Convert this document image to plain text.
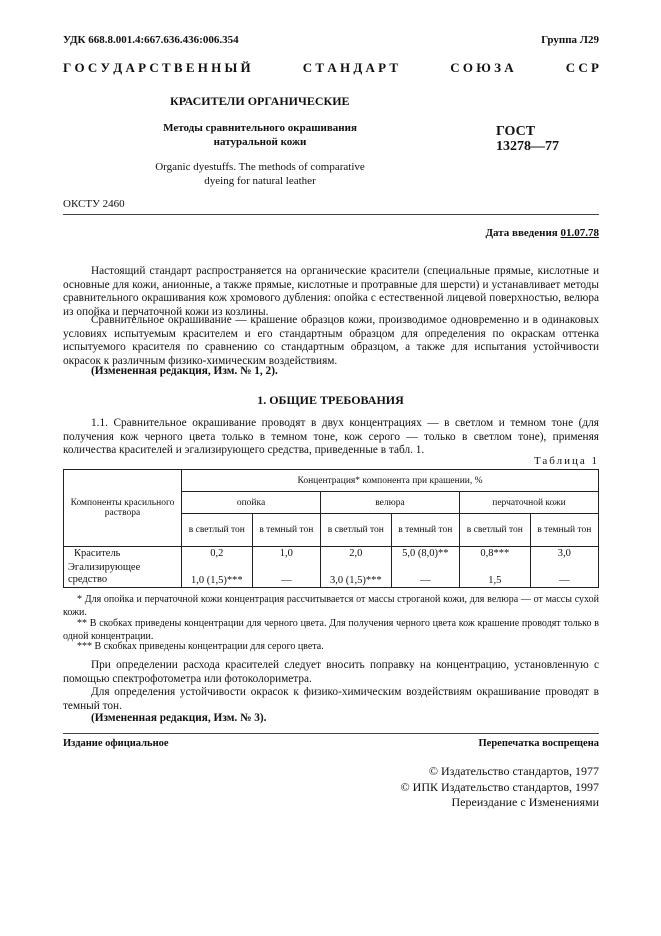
УДК 668.8.001.4:667.636.436:006.354	Группа Л29
Г О С У Д А Р С Т В Е Н Н Ы Й	С Т А Н Д А Р Т	С О Ю З А	С С Р
КРАСИТЕЛИ ОРГАНИЧЕСКИЕ
Методы сравнительного окрашивания
натуральной кожи
ГОСТ
13278—77
Organic dyestuffs. The methods of comparative
dyeing for natural leather
ОКСТУ 2460
Дата введения 01.07.78
Настоящий стандарт распространяется на органические красители (специальные прямые, кислотные и основные для кожи, анионные, а также прямые, кислотные и протравные для шерсти) и устанавливает методы сравнительного окрашивания кож хромового дубления: опойка с естественной лицевой поверхностью, велюра из опойка и перчаточной кожи из козлины.
Сравнительное окрашивание — крашение образцов кожи, производимое одновременно и в одинаковых условиях испытуемым красителем и его стандартным образцом для определения по окраскам оттенка испытуемого красителя по сравнению со стандартным образцом, а также для испытания устойчивости окрасок к различным физико-химическим воздействиям.
(Измененная редакция, Изм. № 1, 2).
1. ОБЩИЕ ТРЕБОВАНИЯ
1.1. Сравнительное окрашивание проводят в двух концентрациях — в светлом и темном тоне (для получения кож черного цвета только в темном тоне, кож серого — только в светлом тоне), применяя количества красителей и эгализирующего средства, приведенные в табл. 1.
Таблица 1
Компоненты красильного раствора	Концентрация* компонента при крашении, %					
	опойка		велюра		перчаточной кожи	
	в светлый тон	в темный тон	в светлый тон	в темный тон	в светлый тон	в темный тон
Краситель	0,2	1,0	2,0	5,0 (8,0)**	0,8***	3,0
Эгализирующее средство	1,0 (1,5)***	—	3,0 (1,5)***	—	1,5	—
* Для опойка и перчаточной кожи концентрация рассчитывается от массы строганой кожи, для велюра — от массы сухой кожи.
** В скобках приведены концентрации для черного цвета. Для получения черного цвета кож крашение проводят только в одной концентрации.
*** В скобках приведены концентрации для серого цвета.
При определении расхода красителей следует вносить поправку на концентрацию, установленную с помощью спектрофотометра или фотоколориметра.
Для определения устойчивости окрасок к физико-химическим воздействиям окрашивание проводят в темный тон.
(Измененная редакция, Изм. № 3).
Издание официальное	Перепечатка воспрещена
© Издательство стандартов, 1977
© ИПК Издательство стандартов, 1997
Переиздание с Изменениями
